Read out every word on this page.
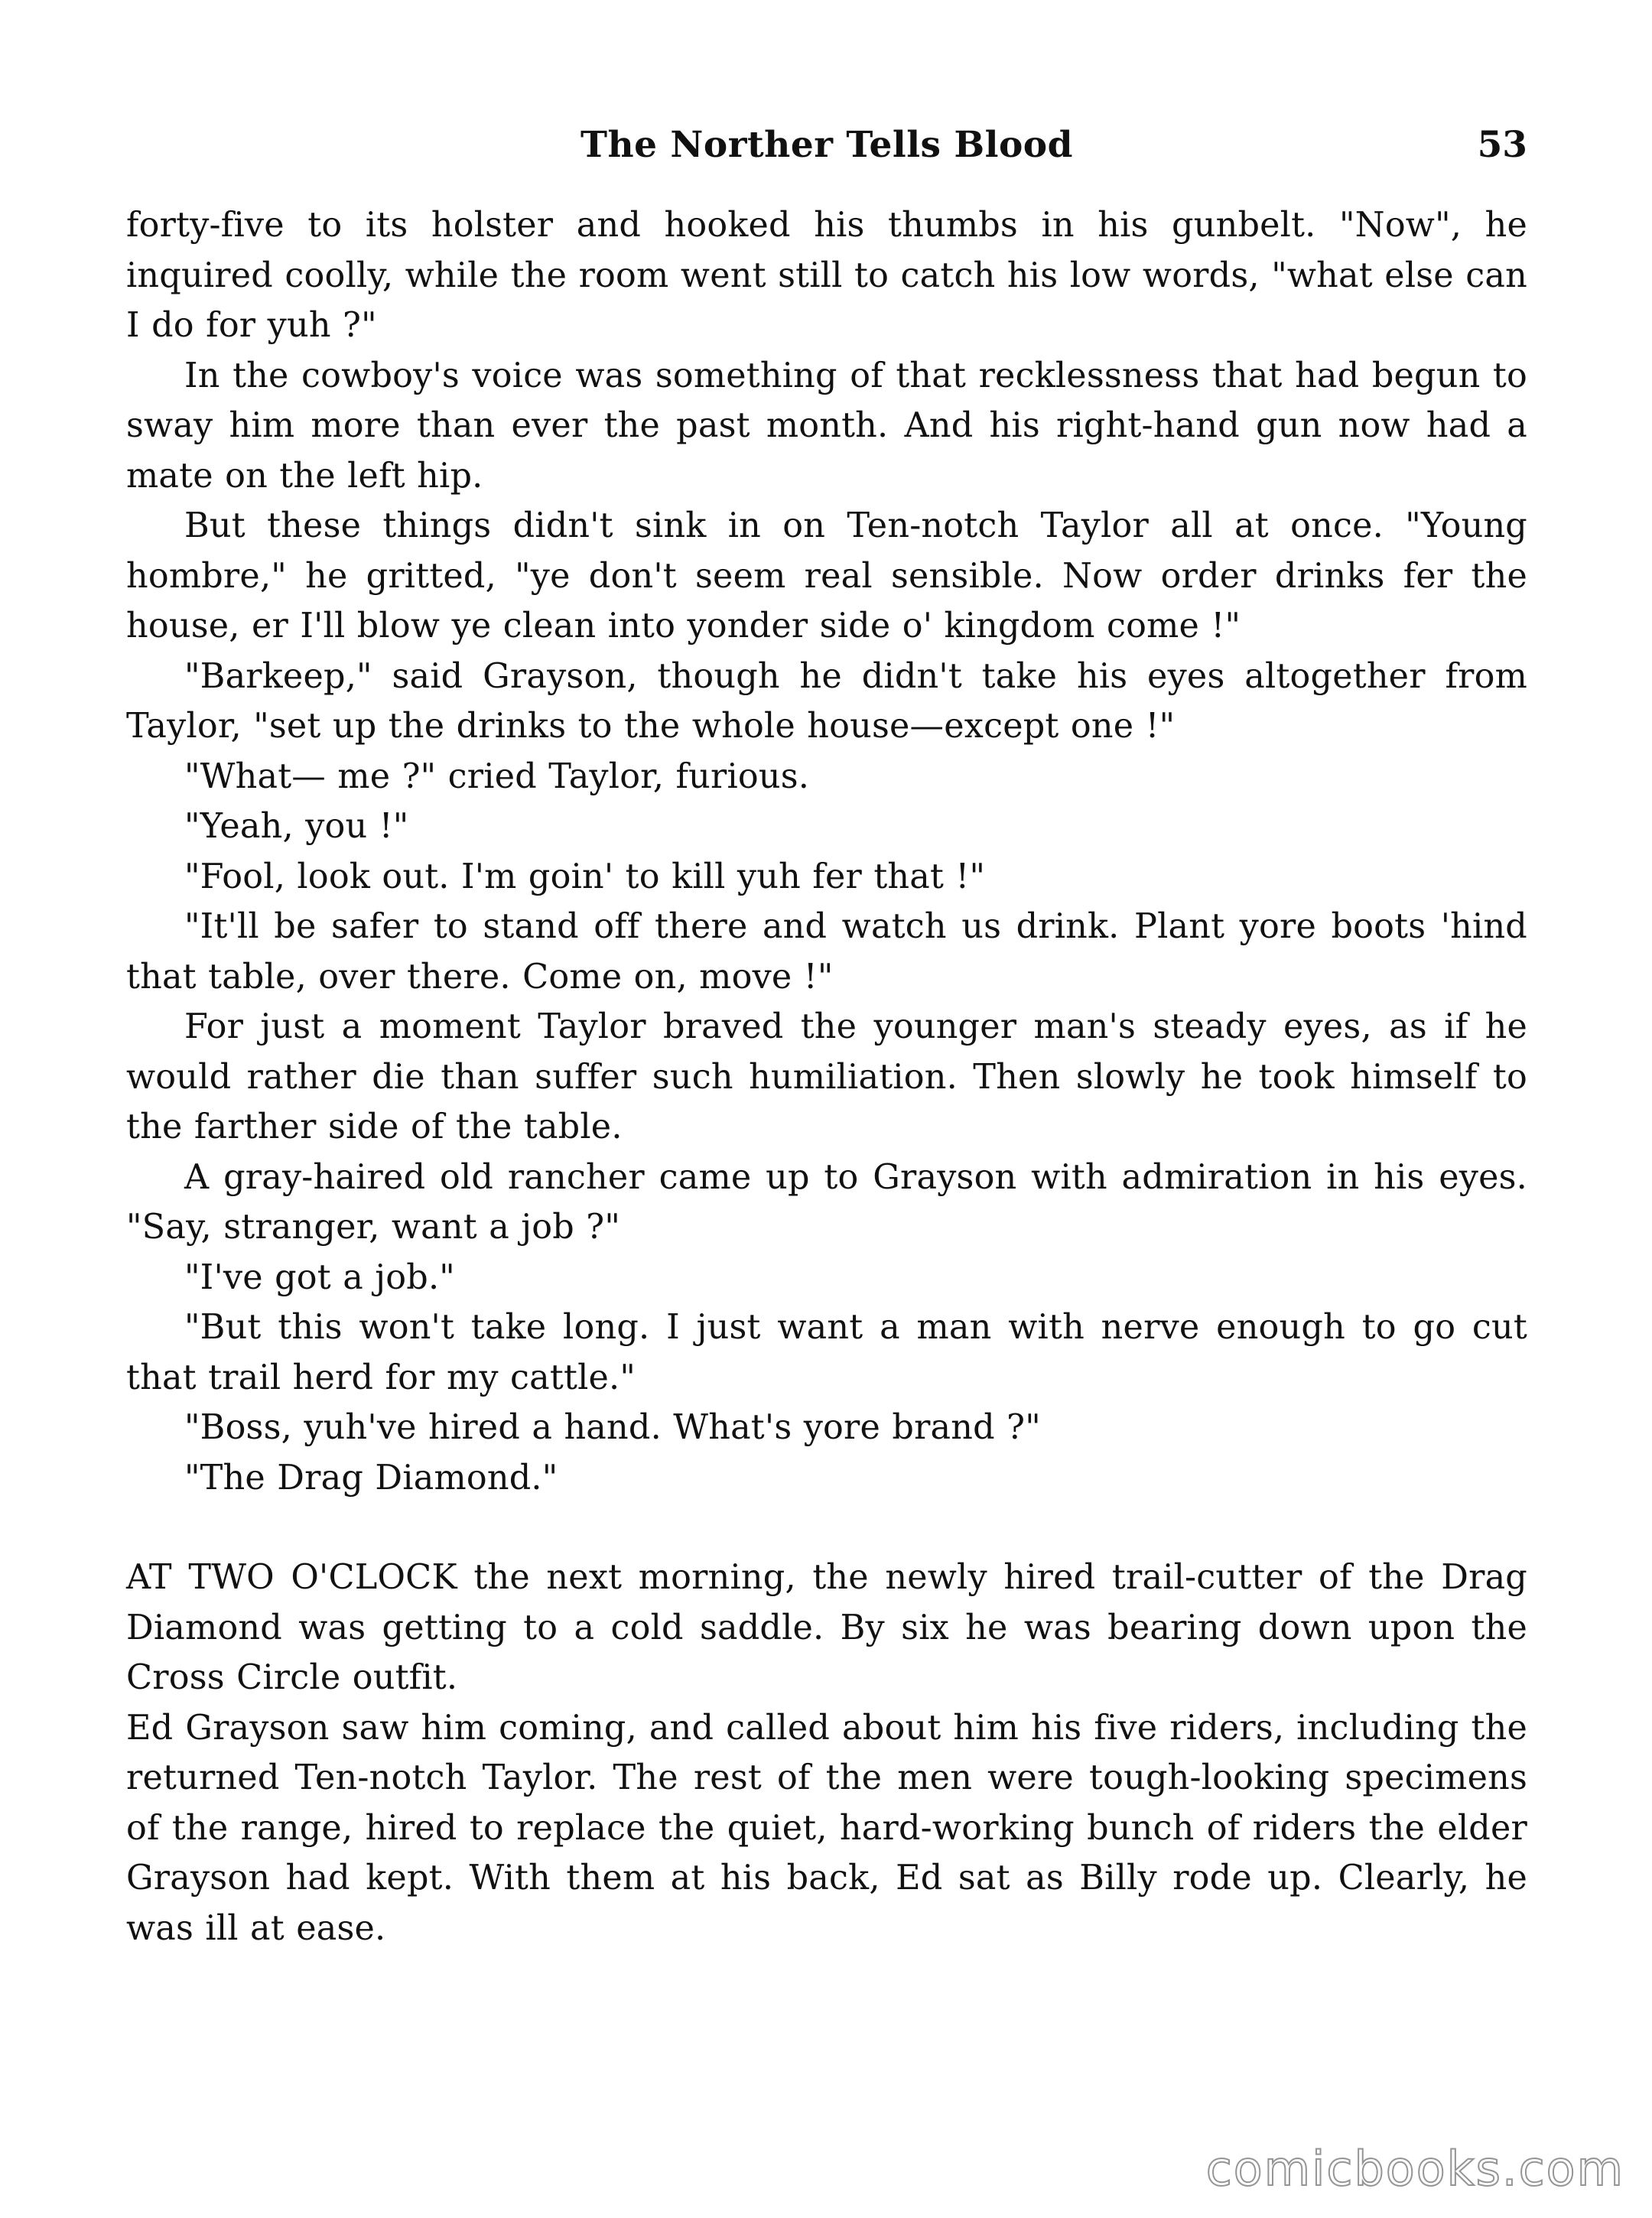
The Norther Tells Blood	53

forty-five to its holster and hooked his thumbs in his gunbelt. "Now", he inquired coolly, while the room went still to catch his low words, "what else can I do for yuh ?"

In the cowboy's voice was something of that recklessness that had begun to sway him more than ever the past month. And his right-hand gun now had a mate on the left hip.

But these things didn't sink in on Ten-notch Taylor all at once. "Young hombre," he gritted, "ye don't seem real sensible. Now order drinks fer the house, er I'll blow ye clean into yonder side o' kingdom come !"

"Barkeep," said Grayson, though he didn't take his eyes altogether from Taylor, "set up the drinks to the whole house—except one !"

"What— me ?" cried Taylor, furious.

"Yeah, you !"

"Fool, look out. I'm goin' to kill yuh fer that !"

"It'll be safer to stand off there and watch us drink. Plant yore boots 'hind that table, over there. Come on, move !"

For just a moment Taylor braved the younger man's steady eyes, as if he would rather die than suffer such humiliation. Then slowly he took himself to the farther side of the table.

A gray-haired old rancher came up to Grayson with admiration in his eyes. "Say, stranger, want a job ?"

"I've got a job."

"But this won't take long. I just want a man with nerve enough to go cut that trail herd for my cattle."

"Boss, yuh've hired a hand. What's yore brand ?"

"The Drag Diamond."

AT TWO O'CLOCK the next morning, the newly hired trail-cutter of the Drag Diamond was getting to a cold saddle. By six he was bearing down upon the Cross Circle outfit.

Ed Grayson saw him coming, and called about him his five riders, including the returned Ten-notch Taylor. The rest of the men were tough-looking specimens of the range, hired to replace the quiet, hard-working bunch of riders the elder Grayson had kept. With them at his back, Ed sat as Billy rode up. Clearly, he was ill at ease.

comicbooks.com
